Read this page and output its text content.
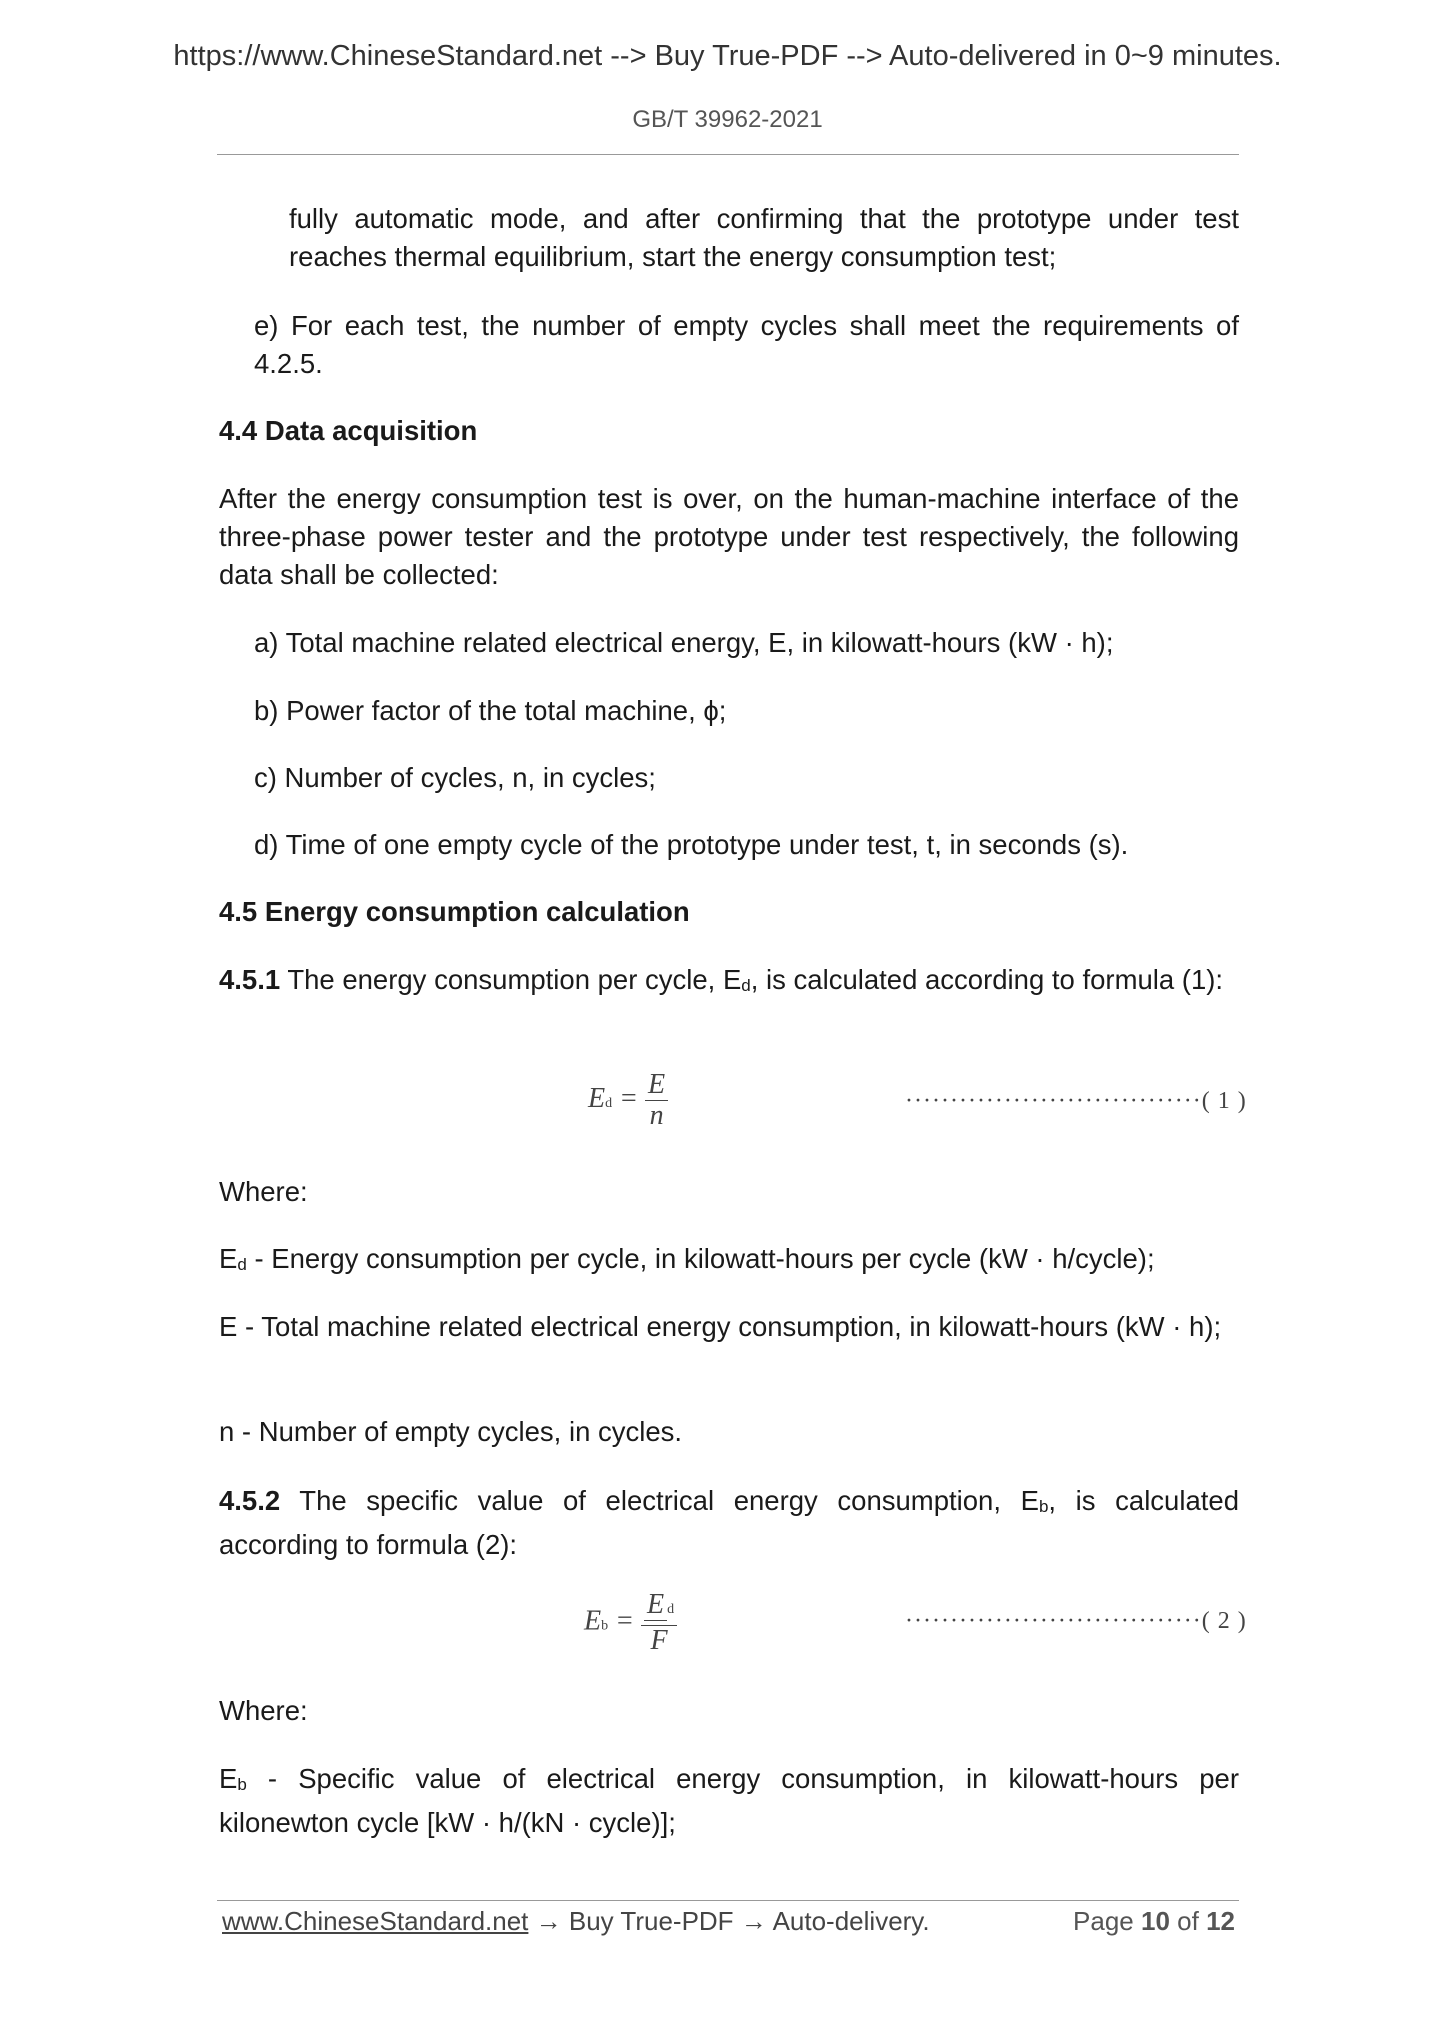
https://www.ChineseStandard.net --> Buy True-PDF --> Auto-delivered in 0~9 minutes.
GB/T 39962-2021
fully automatic mode, and after confirming that the prototype under test reaches thermal equilibrium, start the energy consumption test;
e) For each test, the number of empty cycles shall meet the requirements of 4.2.5.
4.4 Data acquisition
After the energy consumption test is over, on the human-machine interface of the three-phase power tester and the prototype under test respectively, the following data shall be collected:
a) Total machine related electrical energy, E, in kilowatt-hours (kW · h);
b) Power factor of the total machine, ϕ;
c) Number of cycles, n, in cycles;
d) Time of one empty cycle of the prototype under test, t, in seconds (s).
4.5 Energy consumption calculation
4.5.1 The energy consumption per cycle, $E_d$, is calculated according to formula (1):
$Ed = \frac{E}{n}$	·································( 1 )
Where:
$E_d$ - Energy consumption per cycle, in kilowatt-hours per cycle (kW · h/cycle);
E - Total machine related electrical energy consumption, in kilowatt-hours (kW · h);
n - Number of empty cycles, in cycles.
4.5.2 The specific value of electrical energy consumption, $E_b$, is calculated according to formula (2):
$Eb = \frac{\text{E d}}{F}$	·································( 2 )
Where:
$E_b$ - Specific value of electrical energy consumption, in kilowatt-hours per kilonewton cycle [kW · h/(kN · cycle)];
www.ChineseStandard.net → Buy True-PDF → Auto-delivery.	Page 10 of 12
